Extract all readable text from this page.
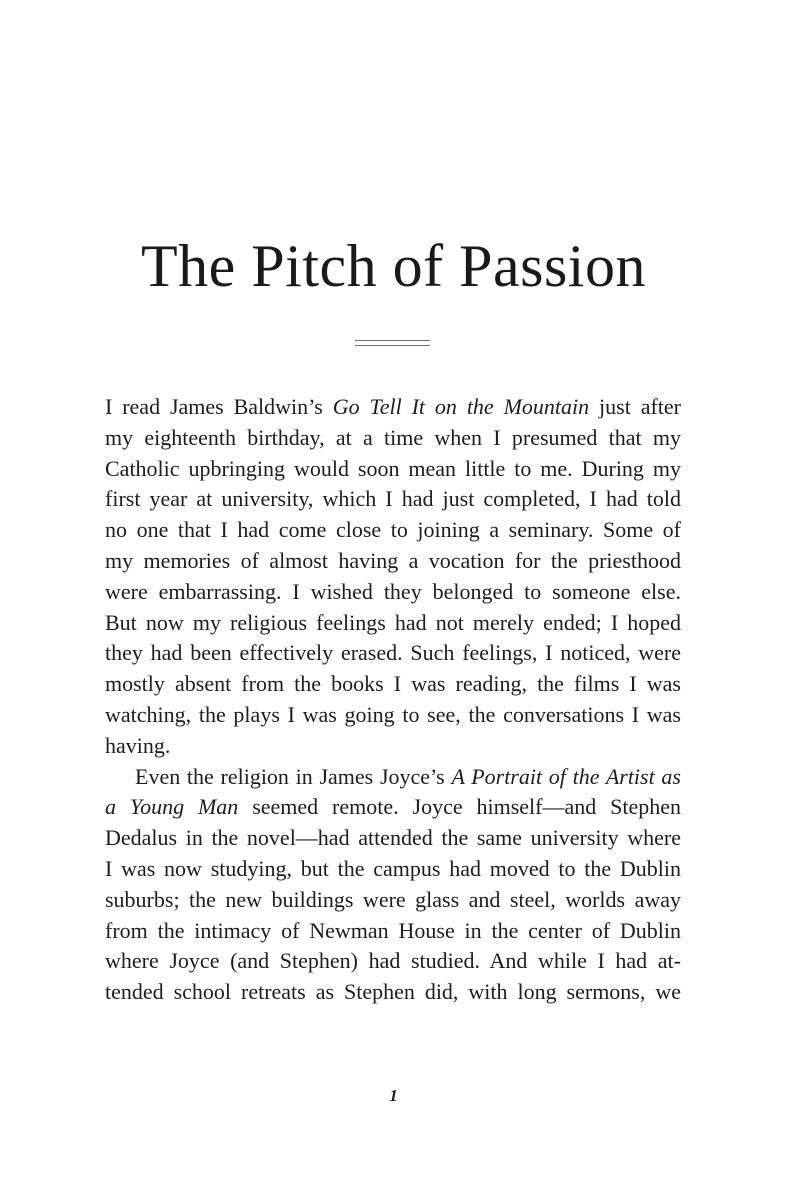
The Pitch of Passion
I read James Baldwin’s Go Tell It on the Mountain just after
my eighteenth birthday, at a time when I presumed that my
Catholic upbringing would soon mean little to me. During my
first year at university, which I had just completed, I had told
no one that I had come close to joining a seminary. Some of
my memories of almost having a vocation for the priesthood
were embarrassing. I wished they belonged to someone else.
But now my religious feelings had not merely ended; I hoped
they had been effectively erased. Such feelings, I noticed, were
mostly absent from the books I was reading, the films I was
watching, the plays I was going to see, the conversations I was
having.
Even the religion in James Joyce’s A Portrait of the Artist as
a Young Man seemed remote. Joyce himself—and Stephen
Dedalus in the novel—had attended the same university where
I was now studying, but the campus had moved to the Dublin
suburbs; the new buildings were glass and steel, worlds away
from the intimacy of Newman House in the center of Dublin
where Joyce (and Stephen) had studied. And while I had at-
tended school retreats as Stephen did, with long sermons, we
1
